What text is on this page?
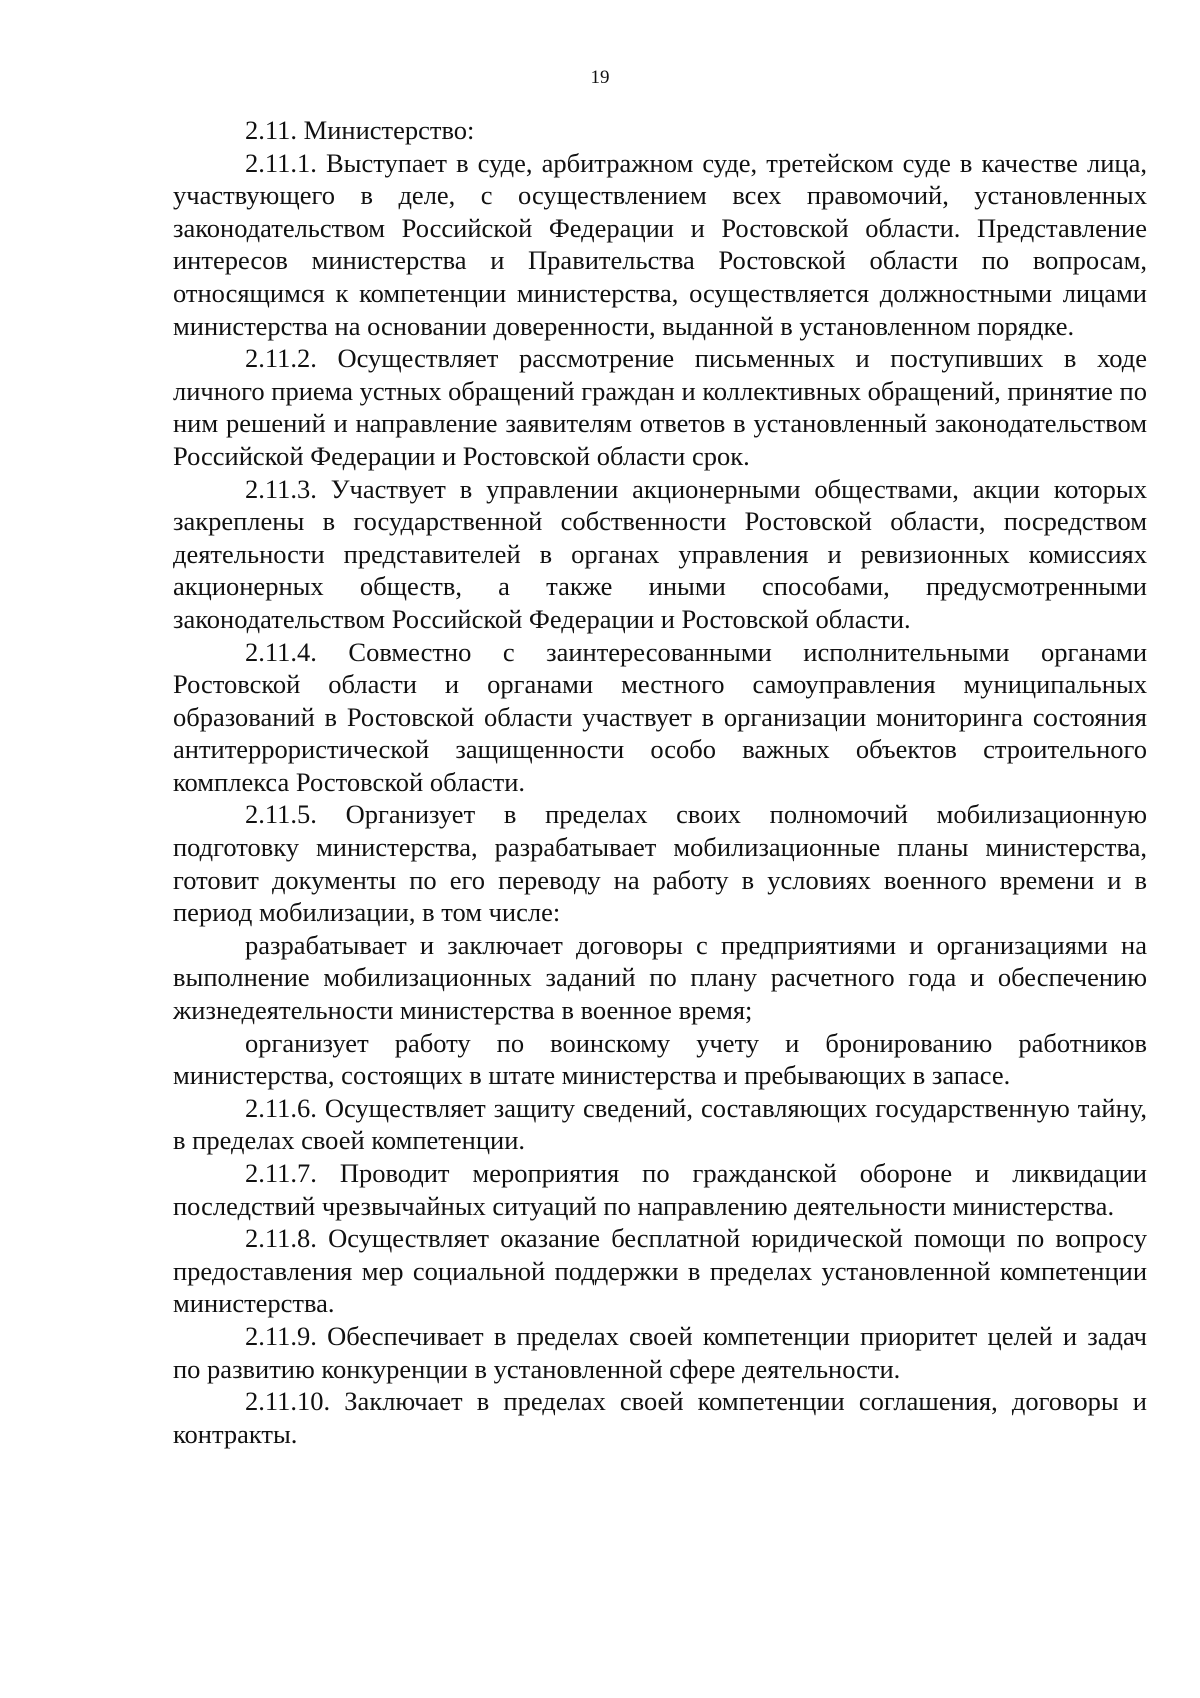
19

2.11. Министерство:

2.11.1. Выступает в суде, арбитражном суде, третейском суде в качестве лица, участвующего в деле, с осуществлением всех правомочий, установленных законодательством Российской Федерации и Ростовской области. Представление интересов министерства и Правительства Ростовской области по вопросам, относящимся к компетенции министерства, осуществляется должностными лицами министерства на основании доверенности, выданной в установленном порядке.

2.11.2. Осуществляет рассмотрение письменных и поступивших в ходе личного приема устных обращений граждан и коллективных обращений, принятие по ним решений и направление заявителям ответов в установленный законодательством Российской Федерации и Ростовской области срок.

2.11.3. Участвует в управлении акционерными обществами, акции которых закреплены в государственной собственности Ростовской области, посредством деятельности представителей в органах управления и ревизионных комиссиях акционерных обществ, а также иными способами, предусмотренными законодательством Российской Федерации и Ростовской области.

2.11.4. Совместно с заинтересованными исполнительными органами Ростовской области и органами местного самоуправления муниципальных образований в Ростовской области участвует в организации мониторинга состояния антитеррористической защищенности особо важных объектов строительного комплекса Ростовской области.

2.11.5. Организует в пределах своих полномочий мобилизационную подготовку министерства, разрабатывает мобилизационные планы министерства, готовит документы по его переводу на работу в условиях военного времени и в период мобилизации, в том числе:

разрабатывает и заключает договоры с предприятиями и организациями на выполнение мобилизационных заданий по плану расчетного года и обеспечению жизнедеятельности министерства в военное время;

организует работу по воинскому учету и бронированию работников министерства, состоящих в штате министерства и пребывающих в запасе.

2.11.6. Осуществляет защиту сведений, составляющих государственную тайну, в пределах своей компетенции.

2.11.7. Проводит мероприятия по гражданской обороне и ликвидации последствий чрезвычайных ситуаций по направлению деятельности министерства.

2.11.8. Осуществляет оказание бесплатной юридической помощи по вопросу предоставления мер социальной поддержки в пределах установленной компетенции министерства.

2.11.9. Обеспечивает в пределах своей компетенции приоритет целей и задач по развитию конкуренции в установленной сфере деятельности.

2.11.10. Заключает в пределах своей компетенции соглашения, договоры и контракты.
